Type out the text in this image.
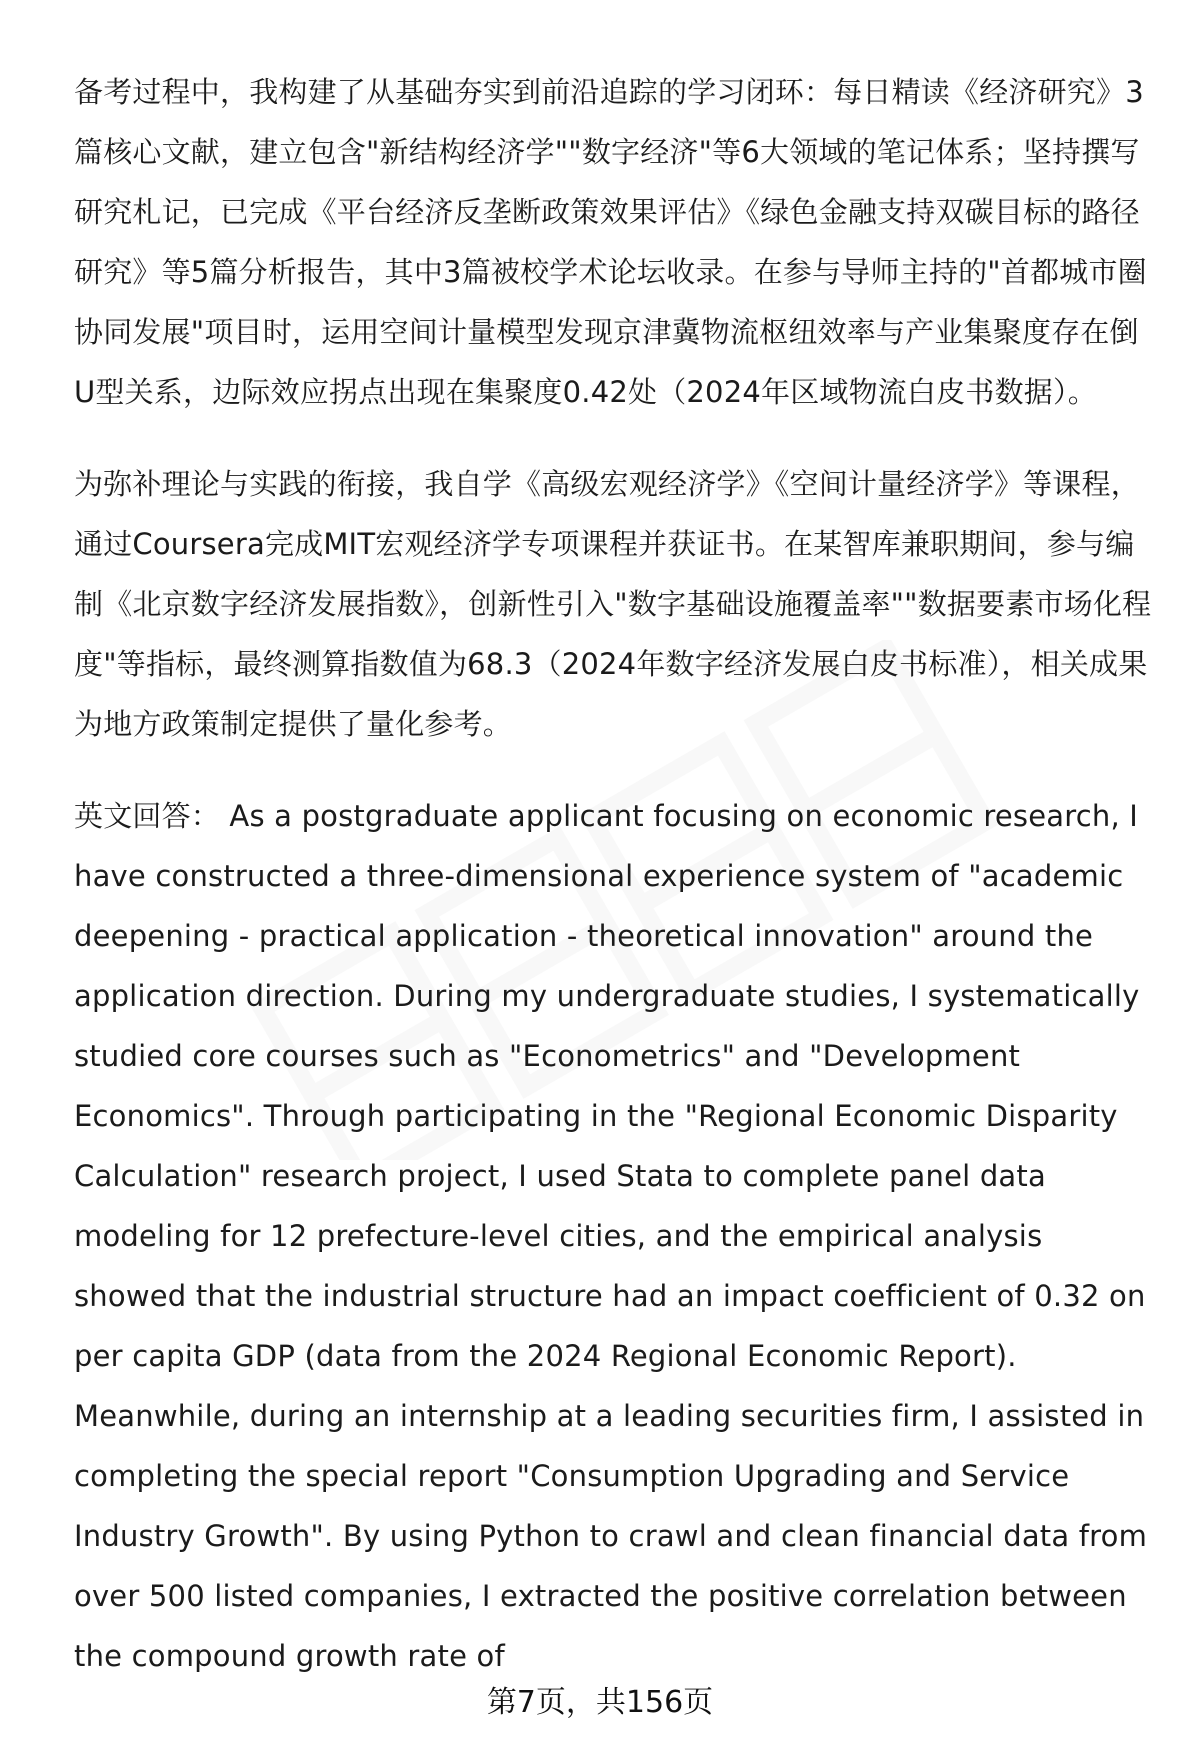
备考过程中，我构建了从基础夯实到前沿追踪的学习闭环：每日精读《经济研究》3篇核心文献，建立包含"新结构经济学""数字经济"等6大领域的笔记体系；坚持撰写研究札记，已完成《平台经济反垄断政策效果评估》《绿色金融支持双碳目标的路径研究》等5篇分析报告，其中3篇被校学术论坛收录。在参与导师主持的"首都城市圈协同发展"项目时，运用空间计量模型发现京津冀物流枢纽效率与产业集聚度存在倒U型关系，边际效应拐点出现在集聚度0.42处（2024年区域物流白皮书数据）。

为弥补理论与实践的衔接，我自学《高级宏观经济学》《空间计量经济学》等课程，通过Coursera完成MIT宏观经济学专项课程并获证书。在某智库兼职期间，参与编制《北京数字经济发展指数》，创新性引入"数字基础设施覆盖率""数据要素市场化程度"等指标，最终测算指数值为68.3（2024年数字经济发展白皮书标准），相关成果为地方政策制定提供了量化参考。

英文回答： As a postgraduate applicant focusing on economic research, I have constructed a three-dimensional experience system of "academic deepening - practical application - theoretical innovation" around the application direction. During my undergraduate studies, I systematically studied core courses such as "Econometrics" and "Development Economics". Through participating in the "Regional Economic Disparity Calculation" research project, I used Stata to complete panel data modeling for 12 prefecture-level cities, and the empirical analysis showed that the industrial structure had an impact coefficient of 0.32 on per capita GDP (data from the 2024 Regional Economic Report). Meanwhile, during an internship at a leading securities firm, I assisted in completing the special report "Consumption Upgrading and Service Industry Growth". By using Python to crawl and clean financial data from over 500 listed companies, I extracted the positive correlation between the compound growth rate of

第7页，共156页
